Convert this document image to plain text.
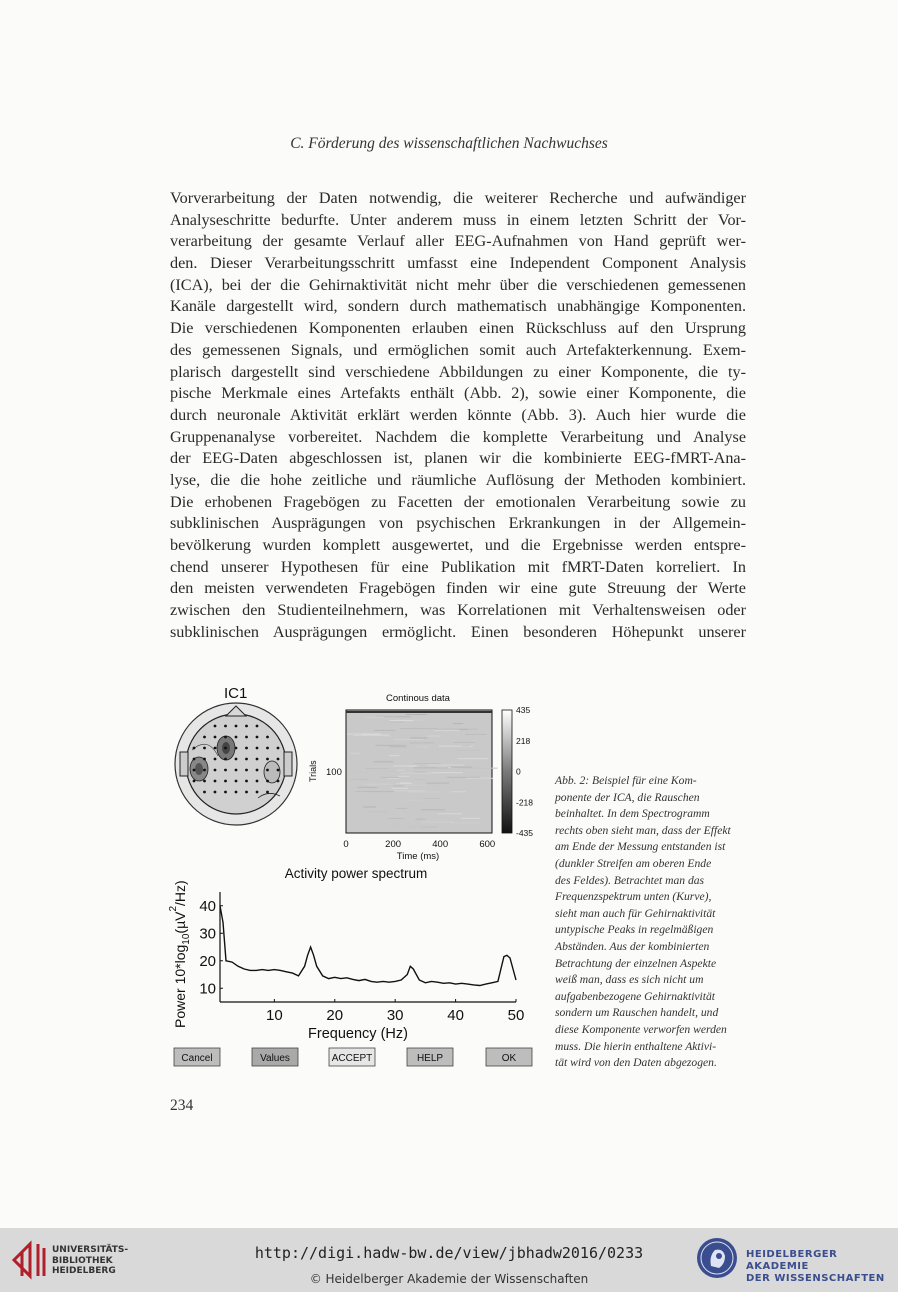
C. Förderung des wissenschaftlichen Nachwuchses
Vorverarbeitung der Daten notwendig, die weiterer Recherche und aufwändiger
Analyseschritte bedurfte. Unter anderem muss in einem letzten Schritt der Vor-
verarbeitung der gesamte Verlauf aller EEG-Aufnahmen von Hand geprüft wer-
den. Dieser Verarbeitungsschritt umfasst eine Independent Component Analysis
(ICA), bei der die Gehirnaktivität nicht mehr über die verschiedenen gemessenen
Kanäle dargestellt wird, sondern durch mathematisch unabhängige Komponenten.
Die verschiedenen Komponenten erlauben einen Rückschluss auf den Ursprung
des gemessenen Signals, und ermöglichen somit auch Artefakterkennung. Exem-
plarisch dargestellt sind verschiedene Abbildungen zu einer Komponente, die ty-
pische Merkmale eines Artefakts enthält (Abb. 2), sowie einer Komponente, die
durch neuronale Aktivität erklärt werden könnte (Abb. 3). Auch hier wurde die
Gruppenanalyse vorbereitet. Nachdem die komplette Verarbeitung und Analyse
der EEG-Daten abgeschlossen ist, planen wir die kombinierte EEG-fMRT-Ana-
lyse, die die hohe zeitliche und räumliche Auflösung der Methoden kombiniert.
Die erhobenen Fragebögen zu Facetten der emotionalen Verarbeitung sowie zu
subklinischen Ausprägungen von psychischen Erkrankungen in der Allgemein-
bevölkerung wurden komplett ausgewertet, und die Ergebnisse werden entspre-
chend unserer Hypothesen für eine Publikation mit fMRT-Daten korreliert. In
den meisten verwendeten Fragebögen finden wir eine gute Streuung der Werte
zwischen den Studienteilnehmern, was Korrelationen mit Verhaltensweisen oder
subklinischen Ausprägungen ermöglicht. Einen besonderen Höhepunkt unserer
IC1	Continous data
Trials 100
435
218
0
-218
-435
0	200	400	600
Time (ms)
Activity power spectrum
10	20	30	40	50
10
20
30
40
Frequency (Hz)
Power $10*\log_{10}(\mu V^2/Hz)$
Cancel	Values	ACCEPT	HELP	OK
Abb. 2: Beispiel für eine Kom-
ponente der ICA, die Rauschen
beinhaltet. In dem Spectrogramm
rechts oben sieht man, dass der Effekt
am Ende der Messung entstanden ist
(dunkler Streifen am oberen Ende
des Feldes). Betrachtet man das
Frequenzspektrum unten (Kurve),
sieht man auch für Gehirnaktivität
untypische Peaks in regelmäßigen
Abständen. Aus der kombinierten
Betrachtung der einzelnen Aspekte
weiß man, dass es sich nicht um
aufgabenbezogene Gehirnaktivität
sondern um Rauschen handelt, und
diese Komponente verworfen werden
muss. Die hierin enthaltene Aktivi-
tät wird von den Daten abgezogen.
234
UNIVERSITÄTS-
BIBLIOTHEK
HEIDELBERG
http://digi.hadw-bw.de/view/jbhadw2016/0233
© Heidelberger Akademie der Wissenschaften
HEIDELBERGER AKADEMIE
DER WISSENSCHAFTEN
